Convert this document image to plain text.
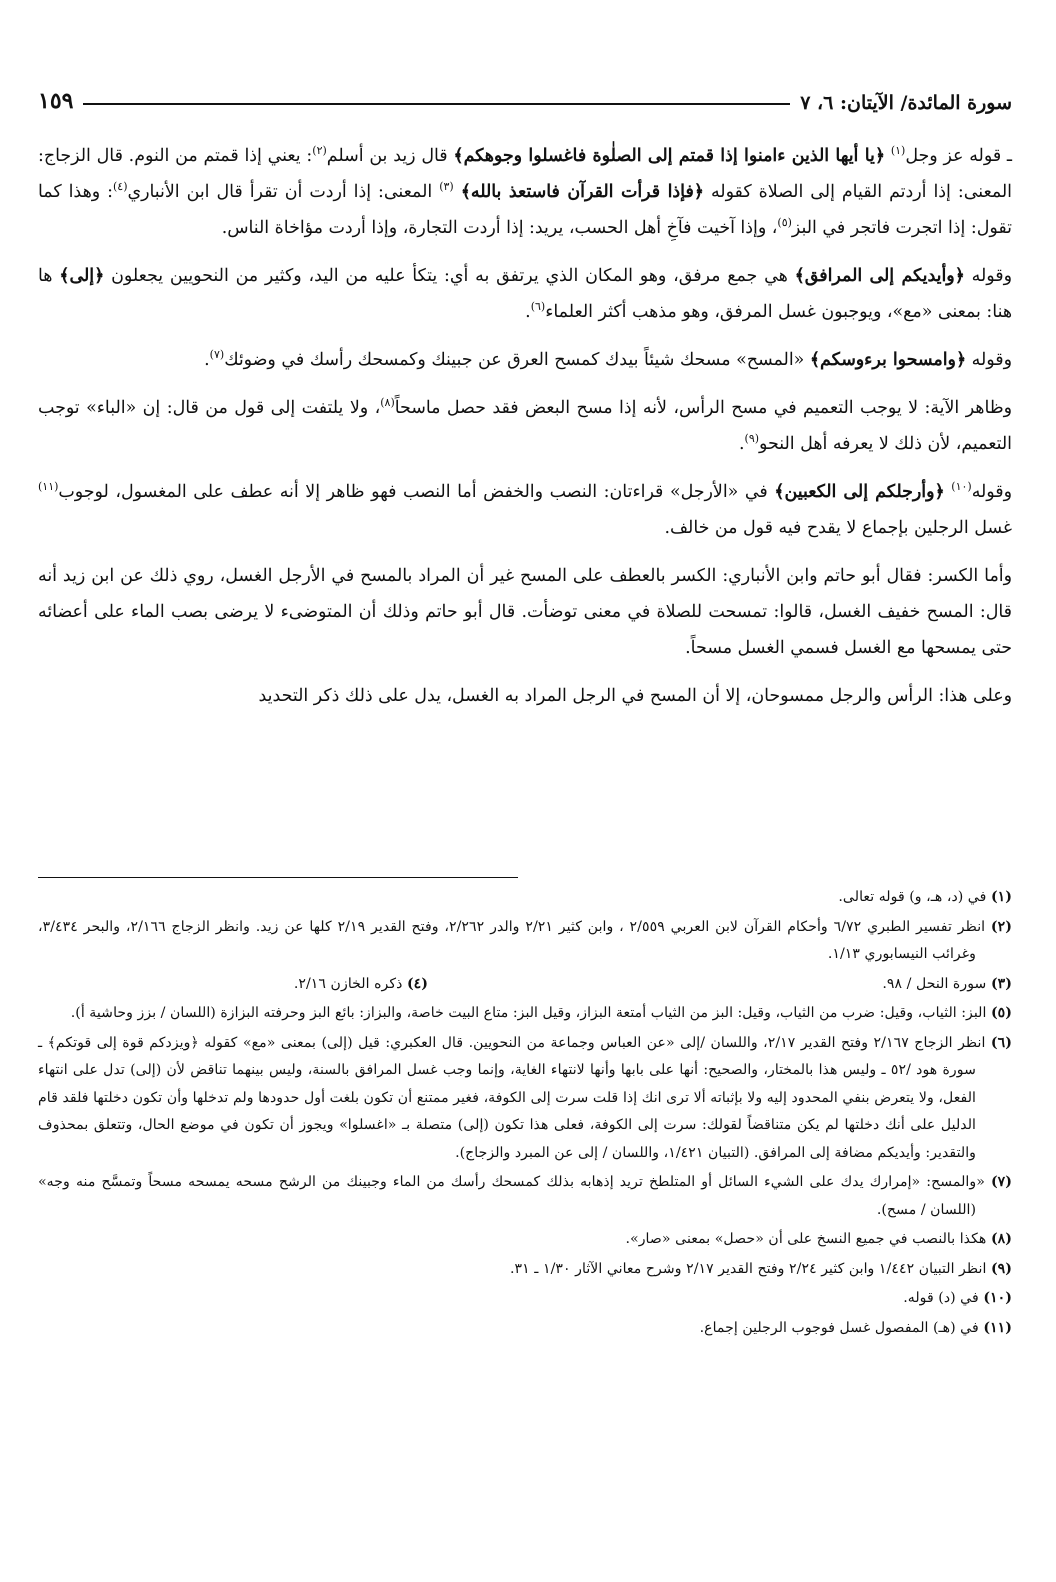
سورة المائدة/ الآيتان: ٦، ٧
١٥٩

ـ قوله عز وجل$^{(١)}$ ﴿يا أيها الذين ءامنوا إذا قمتم إلى الصلٰوة فاغسلوا وجوهكم﴾ قال زيد بن أسلم$^{(٢)}$: يعني إذا قمتم من النوم. قال الزجاج: المعنى: إذا أردتم القيام إلى الصلاة كقوله ﴿فإذا قرأت القرآن فاستعذ بالله﴾ $^{(٣)}$ المعنى: إذا أردت أن تقرأ قال ابن الأنباري$^{(٤)}$: وهذا كما تقول: إذا اتجرت فاتجر في البز$^{(٥)}$، وإذا آخيت فآخِ أهل الحسب، يريد: إذا أردت التجارة، وإذا أردت مؤاخاة الناس.

وقوله ﴿وأيديكم إلى المرافق﴾ هي جمع مرفق، وهو المكان الذي يرتفق به أي: يتكأ عليه من اليد، وكثير من النحويين يجعلون ﴿إلى﴾ ها هنا: بمعنى «مع»، ويوجبون غسل المرفق، وهو مذهب أكثر العلماء$^{(٦)}$.

وقوله ﴿وامسحوا برءوسكم﴾ «المسح» مسحك شيئاً بيدك كمسح العرق عن جبينك وكمسحك رأسك في وضوئك$^{(٧)}$.

وظاهر الآية: لا يوجب التعميم في مسح الرأس، لأنه إذا مسح البعض فقد حصل ماسحاً$^{(٨)}$، ولا يلتفت إلى قول من قال: إن «الباء» توجب التعميم، لأن ذلك لا يعرفه أهل النحو$^{(٩)}$.

وقوله$^{(١٠)}$ ﴿وأرجلكم إلى الكعبين﴾ في «الأرجل» قراءتان: النصب والخفض أما النصب فهو ظاهر إلا أنه عطف على المغسول، لوجوب$^{(١١)}$ غسل الرجلين بإجماع لا يقدح فيه قول من خالف.

وأما الكسر: فقال أبو حاتم وابن الأنباري: الكسر بالعطف على المسح غير أن المراد بالمسح في الأرجل الغسل، روي ذلك عن ابن زيد أنه قال: المسح خفيف الغسل، قالوا: تمسحت للصلاة في معنى توضأت. قال أبو حاتم وذلك أن المتوضىء لا يرضى بصب الماء على أعضائه حتى يمسحها مع الغسل فسمي الغسل مسحاً.

وعلى هذا: الرأس والرجل ممسوحان، إلا أن المسح في الرجل المراد به الغسل، يدل على ذلك ذكر التحديد

(١) في (د، هـ، و) قوله تعالى.
(٢) انظر تفسير الطبري ٦/٧٢ وأحكام القرآن لابن العربي ٢/٥٥٩ ، وابن كثير ٢/٢١ والدر ٢/٢٦٢، وفتح القدير ٢/١٩ كلها عن زيد. وانظر الزجاج ٢/١٦٦، والبحر ٣/٤٣٤، وغرائب النيسابوري ١/١٣.
(٣) سورة النحل / ٩٨.
(٤) ذكره الخازن ٢/١٦.
(٥) البز: الثياب، وقيل: ضرب من الثياب، وقيل: البز من الثياب أمتعة البزاز، وقيل البز: متاع البيت خاصة، والبزاز: بائع البز وحرفته البزازة (اللسان / بزز وحاشية أ).
(٦) انظر الزجاج ٢/١٦٧ وفتح القدير ٢/١٧، واللسان /إلى «عن العباس وجماعة من النحويين. قال العكبري: قيل (إلى) بمعنى «مع» كقوله ﴿ويزدكم قوة إلى قوتكم﴾ ـ سورة هود /٥٢ ـ وليس هذا بالمختار، والصحيح: أنها على بابها وأنها لانتهاء الغاية، وإنما وجب غسل المرافق بالسنة، وليس بينهما تناقض لأن (إلى) تدل على انتهاء الفعل، ولا يتعرض بنفي المحدود إليه ولا بإثباته ألا ترى انك إذا قلت سرت إلى الكوفة، فغير ممتنع أن تكون بلغت أول حدودها ولم تدخلها وأن تكون دخلتها فلقد قام الدليل على أنك دخلتها لم يكن متناقضاً لقولك: سرت إلى الكوفة، فعلى هذا تكون (إلى) متصلة بـ «اغسلوا» ويجوز أن تكون في موضع الحال، وتتعلق بمحذوف والتقدير: وأيديكم مضافة إلى المرافق. (التبيان ١/٤٢١، واللسان / إلى عن المبرد والزجاج).
(٧) «والمسح: «إمرارك يدك على الشيء السائل أو المتلطخ تريد إذهابه بذلك كمسحك رأسك من الماء وجبينك من الرشح مسحه يمسحه مسحاً وتمسَّح منه وجه» (اللسان / مسح).
(٨) هكذا بالنصب في جميع النسخ على أن «حصل» بمعنى «صار».
(٩) انظر التبيان ١/٤٤٢ وابن كثير ٢/٢٤ وفتح القدير ٢/١٧ وشرح معاني الآثار ١/٣٠ ـ ٣١.
(١٠) في (د) قوله.
(١١) في (هـ) المفصول غسل فوجوب الرجلين إجماع.
